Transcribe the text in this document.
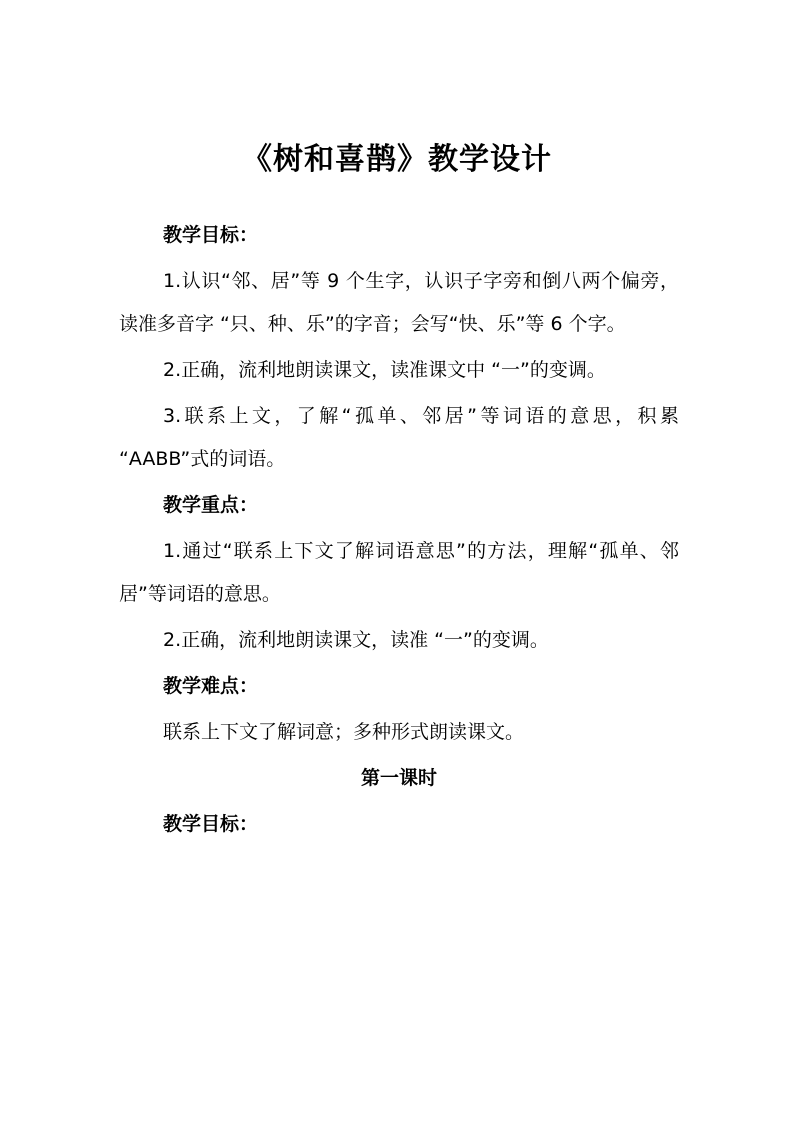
《树和喜鹊》教学设计

教学目标：

1.认识“邻、居”等 9 个生字，认识子字旁和倒八两个偏旁，读准多音字 “只、种、乐”的字音；会写“快、乐”等 6 个字。

2.正确，流利地朗读课文，读准课文中 “一”的变调。

3.联系上文，了解“孤单、邻居”等词语的意思，积累 “AABB”式的词语。

教学重点：

1.通过“联系上下文了解词语意思”的方法，理解“孤单、邻居”等词语的意思。

2.正确，流利地朗读课文，读准 “一”的变调。

教学难点：

联系上下文了解词意；多种形式朗读课文。

第一课时

教学目标：
